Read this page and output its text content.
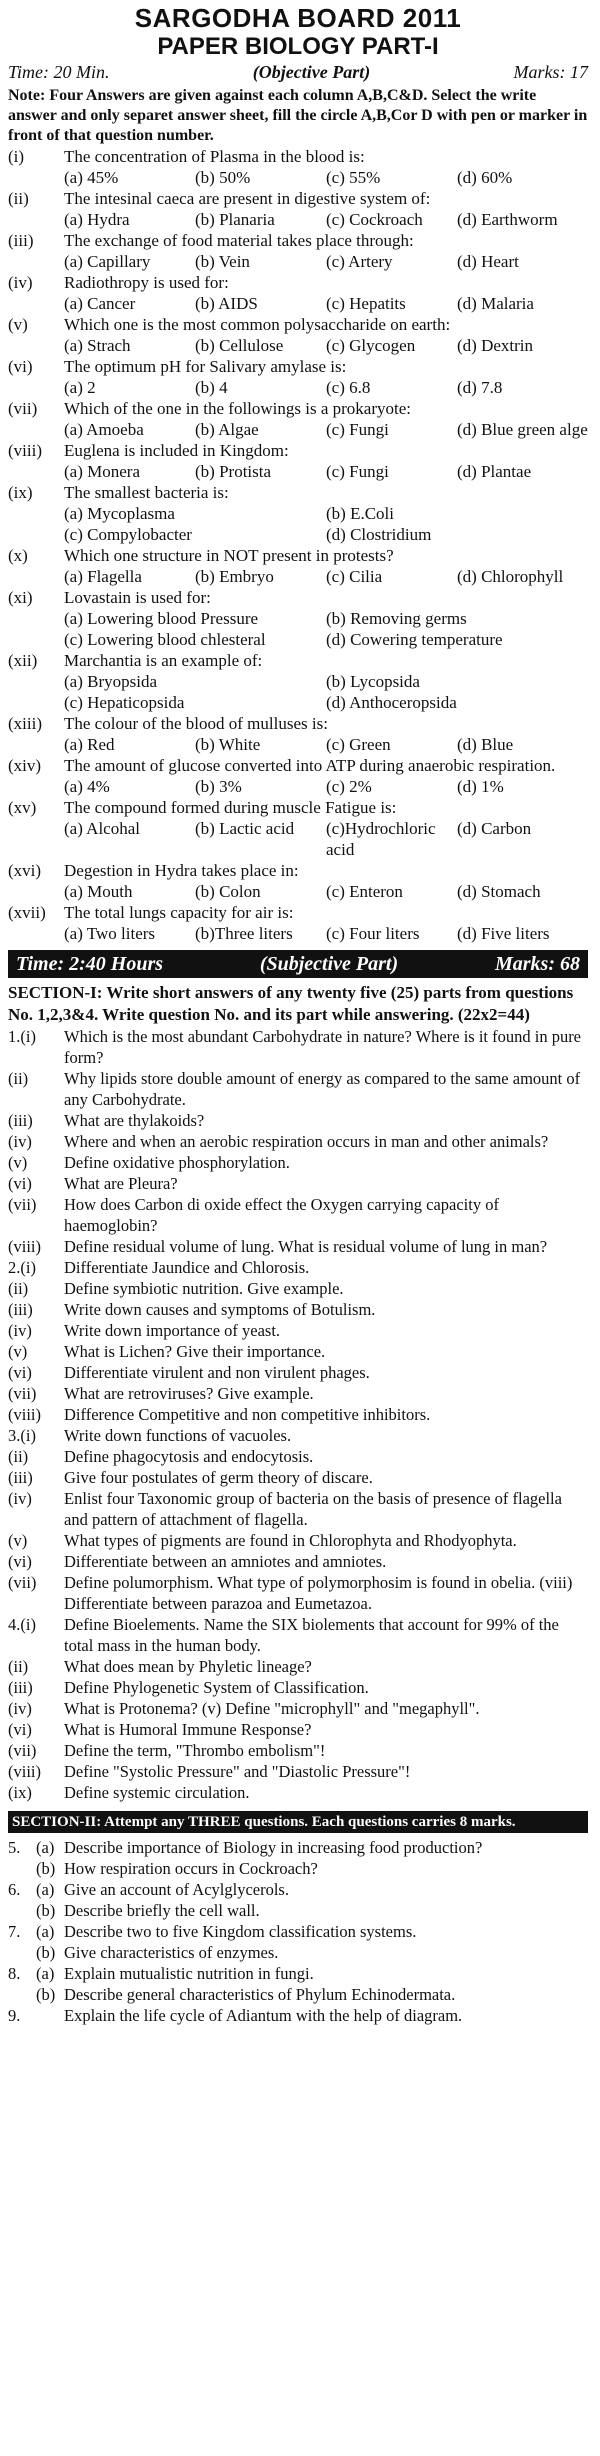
SARGODHA BOARD 2011
PAPER BIOLOGY PART-I
Time: 20 Min.	(Objective Part)	Marks: 17
Note: Four Answers are given against each column A,B,C&D. Select the write answer and only separet answer sheet, fill the circle A,B,Cor D with pen or marker in front of that question number.
(i)	The concentration of Plasma in the blood is:
(a) 45%	(b) 50%	(c) 55%	(d) 60%
(ii)	The intesinal caeca are present in digestive system of:
(a) Hydra	(b) Planaria	(c) Cockroach	(d) Earthworm
(iii)	The exchange of food material takes place through:
(a) Capillary	(b) Vein	(c) Artery	(d) Heart
(iv)	Radiothropy is used for:
(a) Cancer	(b) AIDS	(c) Hepatits	(d) Malaria
(v)	Which one is the most common polysaccharide on earth:
(a) Strach	(b) Cellulose	(c) Glycogen	(d) Dextrin
(vi)	The optimum pH for Salivary amylase is:
(a) 2	(b) 4	(c) 6.8	(d) 7.8
(vii)	Which of the one in the followings is a prokaryote:
(a) Amoeba	(b) Algae	(c) Fungi	(d) Blue green alge
(viii)	Euglena is included in Kingdom:
(a) Monera	(b) Protista	(c) Fungi	(d) Plantae
(ix)	The smallest bacteria is:
(a) Mycoplasma	(b) E.Coli
(c) Compylobacter	(d) Clostridium
(x)	Which one structure in NOT present in protests?
(a) Flagella	(b) Embryo	(c) Cilia	(d) Chlorophyll
(xi)	Lovastain is used for:
(a) Lowering blood Pressure	(b) Removing germs
(c) Lowering blood chlesteral	(d) Cowering temperature
(xii)	Marchantia is an example of:
(a) Bryopsida	(b) Lycopsida
(c) Hepaticopsida	(d) Anthoceropsida
(xiii)	The colour of the blood of mulluses is:
(a) Red	(b) White	(c) Green	(d) Blue
(xiv)	The amount of glucose converted into ATP during anaerobic respiration.
(a) 4%	(b) 3%	(c) 2%	(d) 1%
(xv)	The compound formed during muscle Fatigue is:
(a) Alcohal	(b) Lactic acid	(c)Hydrochloric acid
(d) Carbon
(xvi)	Degestion in Hydra takes place in:
(a) Mouth	(b) Colon	(c) Enteron	(d) Stomach
(xvii)	The total lungs capacity for air is:
(a) Two liters	(b)Three liters	(c) Four liters	(d) Five liters
Time: 2:40 Hours	(Subjective Part)	Marks: 68
SECTION-I: Write short answers of any twenty five (25) parts from questions No. 1,2,3&4. Write question No. and its part while answering. (22x2=44)
1.(i)	Which is the most abundant Carbohydrate in nature? Where is it found in pure form?
(ii)	Why lipids store double amount of energy as compared to the same amount of any Carbohydrate.
(iii)	What are thylakoids?
(iv)	Where and when an aerobic respiration occurs in man and other animals?
(v)	Define oxidative phosphorylation.
(vi)	What are Pleura?
(vii)	How does Carbon di oxide effect the Oxygen carrying capacity of haemoglobin?
(viii)	Define residual volume of lung. What is residual volume of lung in man?
2.(i)	Differentiate Jaundice and Chlorosis.
(ii)	Define symbiotic nutrition. Give example.
(iii)	Write down causes and symptoms of Botulism.
(iv)	Write down importance of yeast.
(v)	What is Lichen? Give their importance.
(vi)	Differentiate virulent and non virulent phages.
(vii)	What are retroviruses? Give example.
(viii)	Difference Competitive and non competitive inhibitors.
3.(i)	Write down functions of vacuoles.
(ii)	Define phagocytosis and endocytosis.
(iii)	Give four postulates of germ theory of discare.
(iv)	Enlist four Taxonomic group of bacteria on the basis of presence of flagella and pattern of attachment of flagella.
(v)	What types of pigments are found in Chlorophyta and Rhodyophyta.
(vi)	Differentiate between an amniotes and amniotes.
(vii)	Define polumorphism. What type of polymorphosim is found in obelia. (viii) Differentiate between parazoa and Eumetazoa.
4.(i)	Define Bioelements. Name the SIX biolements that account for 99% of the total mass in the human body.
(ii)	What does mean by Phyletic lineage?
(iii)	Define Phylogenetic System of Classification.
(iv)	What is Protonema? (v) Define "microphyll" and "megaphyll".
(vi)	What is Humoral Immune Response?
(vii)	Define the term, "Thrombo embolism"!
(viii)	Define "Systolic Pressure" and "Diastolic Pressure"!
(ix)	Define systemic circulation.
SECTION-II: Attempt any THREE questions. Each questions carries 8 marks.
5. (a) Describe importance of Biology in increasing food production?
(b) How respiration occurs in Cockroach?
6. (a) Give an account of Acylglycerols.
(b) Describe briefly the cell wall.
7. (a) Describe two to five Kingdom classification systems.
(b) Give characteristics of enzymes.
8. (a) Explain mutualistic nutrition in fungi.
(b) Describe general characteristics of Phylum Echinodermata.
9.	Explain the life cycle of Adiantum with the help of diagram.
